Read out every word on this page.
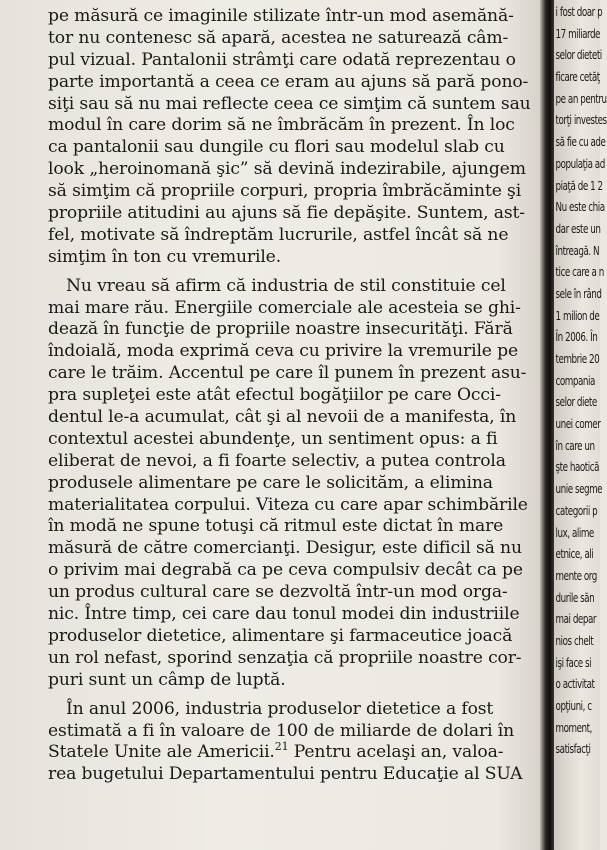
pe măsură ce imaginile stilizate într-un mod asemănă-
tor nu contenesc să apară, acestea ne saturează câm-
pul vizual. Pantalonii strâmţi care odată reprezentau o
parte importantă a ceea ce eram au ajuns să pară pono-
siţi sau să nu mai reflecte ceea ce simţim că suntem sau
modul în care dorim să ne îmbrăcăm în prezent. În loc
ca pantalonii sau dungile cu flori sau modelul slab cu
look „heroinomană şic” să devină indezirabile, ajungem
să simţim că propriile corpuri, propria îmbrăcăminte şi
propriile atitudini au ajuns să fie depăşite. Suntem, ast-
fel, motivate să îndreptăm lucrurile, astfel încât să ne
simţim în ton cu vremurile.
Nu vreau să afirm că industria de stil constituie cel
mai mare rău. Energiile comerciale ale acesteia se ghi-
dează în funcţie de propriile noastre insecurităţi. Fără
îndoială, moda exprimă ceva cu privire la vremurile pe
care le trăim. Accentul pe care îl punem în prezent asu-
pra supleţei este atât efectul bogăţiilor pe care Occi-
dentul le-a acumulat, cât şi al nevoii de a manifesta, în
contextul acestei abundenţe, un sentiment opus: a fi
eliberat de nevoi, a fi foarte selectiv, a putea controla
produsele alimentare pe care le solicităm, a elimina
materialitatea corpului. Viteza cu care apar schimbările
în modă ne spune totuşi că ritmul este dictat în mare
măsură de către comercianţi. Desigur, este dificil să nu
o privim mai degrabă ca pe ceva compulsiv decât ca pe
un produs cultural care se dezvoltă într-un mod orga-
nic. Între timp, cei care dau tonul modei din industriile
produselor dietetice, alimentare şi farmaceutice joacă
un rol nefast, sporind senzaţia că propriile noastre cor-
puri sunt un câmp de luptă.
În anul 2006, industria produselor dietetice a fost
estimată a fi în valoare de 100 de miliarde de dolari în
Statele Unite ale Americii.$^{21}$ Pentru acelaşi an, valoa-
rea bugetului Departamentului pentru Educaţie al SUA
i fost doar p
17 miliarde
selor dieteti
ficare cetăţ
pe an pentru
torţi investes
să fie cu ade
populaţia ad
piaţă de 1 2
Nu este chia
dar este un
întreagă. N
tice care a n
sele în rând
1 milion de
În 2006. În
tembrie 20
compania
selor diete
unei comer
în care un
şte haotică
unie segme
categorii p
lux, alime
etnice, ali
mente org
durile săn
mai depar
nios chelt
işi face si
o activitat
opţiuni, c
moment,
satisfacţi
